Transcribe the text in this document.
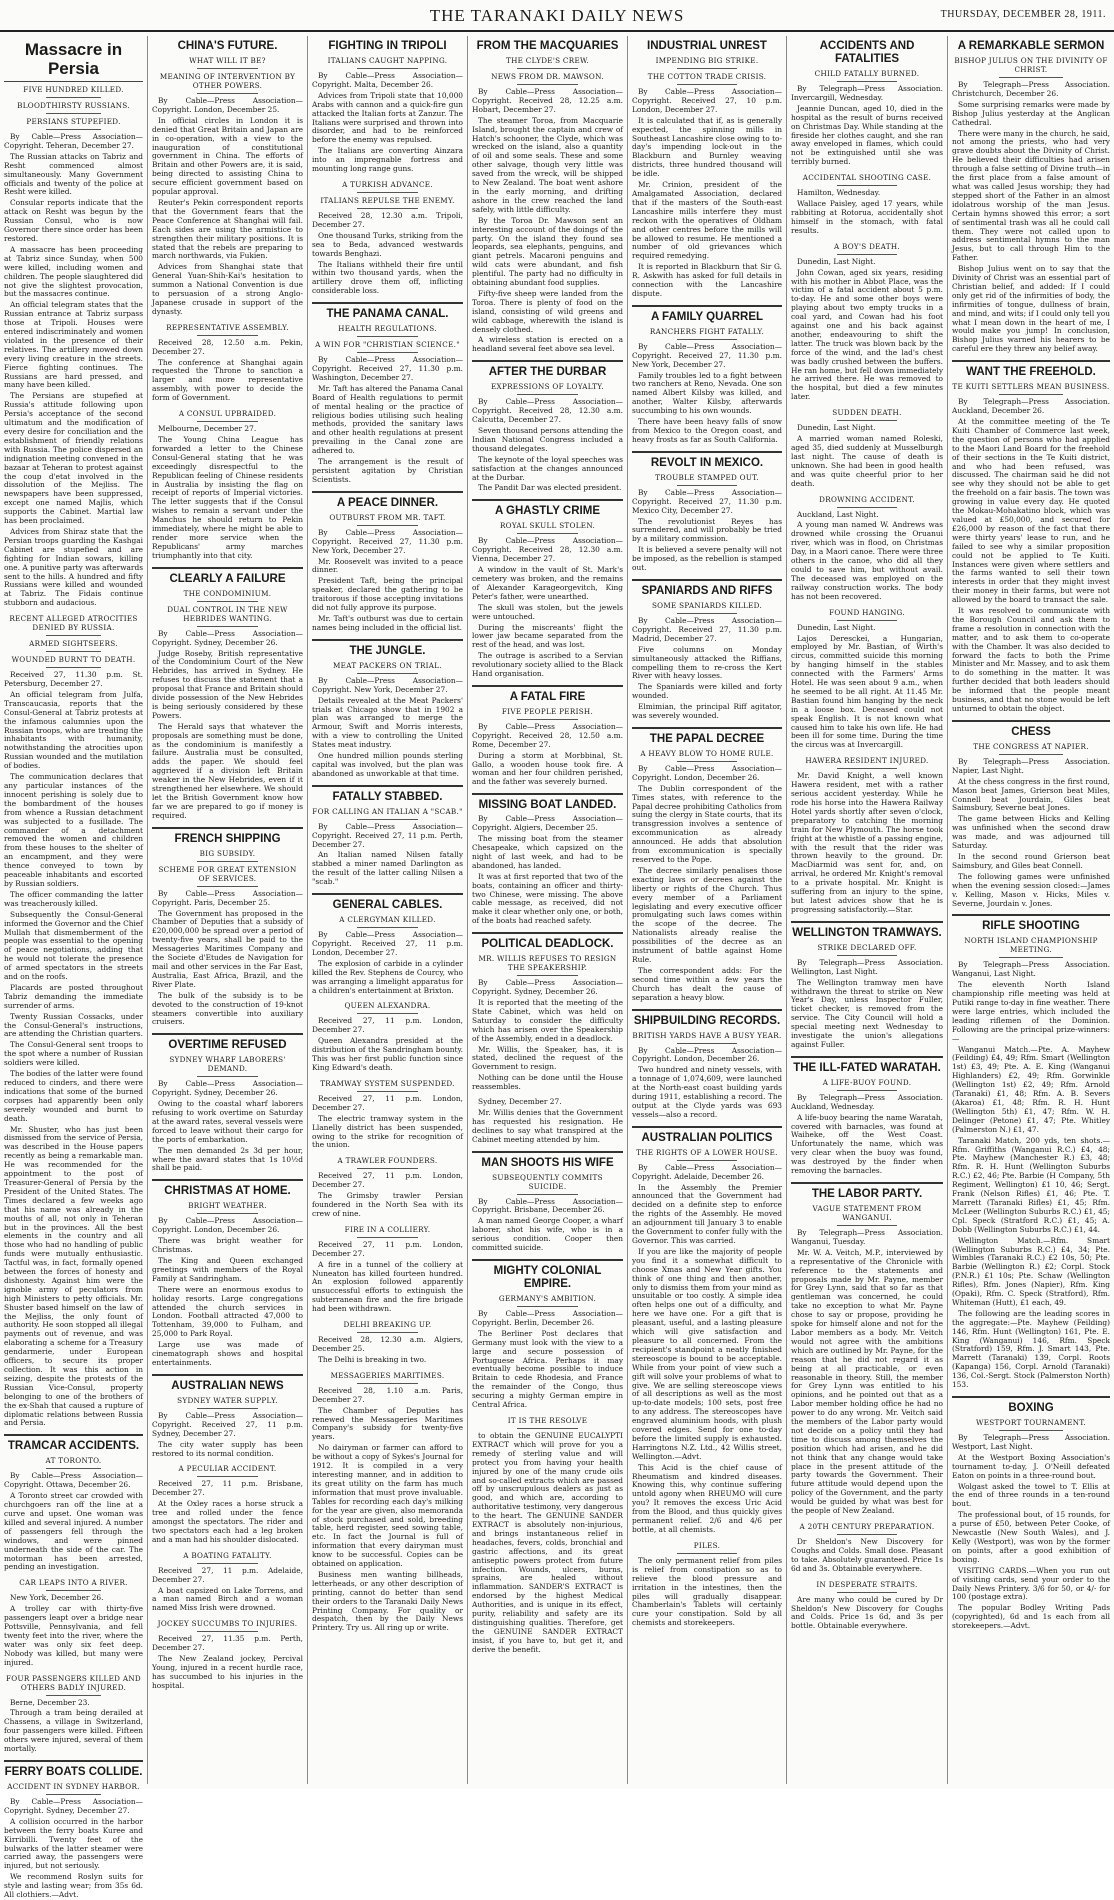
THE TARANAKI DAILY NEWS	THURSDAY, DECEMBER 28, 1911.
Massacre in Persia
FIVE HUNDRED KILLED.
BLOODTHIRSTY RUSSIANS.
PERSIANS STUPEFIED.

By Cable—Press Association—Copyright. Teheran, December 27.

The Russian attacks on Tabriz and Resht commenced almost simultaneously. Many Government officials and twenty of the police at Resht were killed.

Consular reports indicate that the attack on Resht was begun by the Russian Consul, who is now Governor there since order has been restored.

A massacre has been proceeding at Tabriz since Sunday, when 500 were killed, including women and children. The people slaughtered did not give the slightest provocation, but the massacres continue.

An official telegram states that the Russian entrance at Tabriz surpass those at Tripoli. Houses were entered indiscriminately and women violated in the presence of their relatives. The artillery mowed down every living creature in the streets. Fierce fighting continues. The Russians are hard pressed, and many have been killed.

The Persians are stupefied at Russia's attitude following upon Persia's acceptance of the second ultimatum and the modification of every desire for conciliation and the establishment of friendly relations with Russia. The police dispersed an indignation meeting convened in the bazaar at Teheran to protest against the coup d'etat involved in the dissolution of the Mejliss. The newspapers have been suppressed, except one named Majlis, which supports the Cabinet. Martial law has been proclaimed.

Advices from Shiraz state that the Persian troops guarding the Kashgai Cabinet are stupefied and are fighting for Indian sowars, killing one. A punitive party was afterwards sent to the hills. A hundred and fifty Russians were killed and wounded at Tabriz. The Fidais continue stubborn and audacious.

RECENT ALLEGED ATROCITIES DENIED BY RUSSIA.
ARMED SIGHTSEERS.
WOUNDED BURNT TO DEATH.

Received 27, 11.30 p.m. St. Petersburg, December 27.

An official telegram from Julfa, Transcaucasia, reports that the Consul-General at Tabriz protests at the infamous calumnies upon the Russian troops, who are treating the inhabitants with humanity, notwithstanding the atrocities upon Russian wounded and the mutilation of bodies.

The communication declares that any particular instances of the innocent perishing is solely due to the bombardment of the houses from whence a Russian detachment was subjected to a fusillade. The commander of a detachment removed the women and children from these houses to the shelter of an encampment, and they were thence conveyed to town by peaceable inhabitants and escorted by Russian soldiers.

The officer commanding the latter was treacherously killed.

Subsequently the Consul-General informed the Governor and the Chief Mullah that dismemberment of the people was essential to the opening of peace negotiations, adding that he would not tolerate the presence of armed spectators in the streets and on the roofs.

Placards are posted throughout Tabriz demanding the immediate surrender of arms.

Twenty Russian Cossacks, under the Consul-General's instructions, are attending the Christian quarters.

The Consul-General sent troops to the spot where a number of Russian soldiers were killed.

The bodies of the latter were found reduced to cinders, and there were indications that some of the burned corpses had apparently been only severely wounded and burnt to death.

Mr. Shuster, who has just been dismissed from the service of Persia, was described in the House papers recently as being a remarkable man. He was recommended for the appointment to the post of Treasurer-General of Persia by the President of the United States. The Times declared a few weeks ago that his name was already in the mouths of all, not only in Teheran but in the provinces. All the best elements in the country and all those who had no handling of public funds were mutually enthusiastic. Tactful was, in fact, formally opened between the forces of honesty and dishonesty. Against him were the ignoble army of peculators from high Ministers to petty officials. Mr. Shuster based himself on the law of the Mejliss, the only fount of authority. He soon stopped all illegal payments out of revenue, and was elaborating a scheme for a Treasury gendarmerie, under European officers, to secure its proper collection. It was this action in seizing, despite the protests of the Russian Vice-Consul, property belonging to one of the brothers of the ex-Shah that caused a rupture of diplomatic relations between Russia and Persia.

TRAMCAR ACCIDENTS.
AT TORONTO.

By Cable—Press Association—Copyright. Ottawa, December 26.

A Toronto street car crowded with churchgoers ran off the line at a curve and upset. One woman was killed and several injured. A number of passengers fell through the windows, and were pinned underneath the side of the car. The motorman has been arrested, pending an investigation.

CAR LEAPS INTO A RIVER.

New York, December 26.

A trolley car with thirty-five passengers leapt over a bridge near Pottsville, Pennsylvania, and fell twenty feet into the river, where the water was only six feet deep. Nobody was killed, but many were injured.

FOUR PASSENGERS KILLED AND OTHERS BADLY INJURED.

Berne, December 23.

Through a tram being derailed at Chassens, a village in Switzerland, four passengers were killed. Fifteen others were injured, several of them mortally.

FERRY BOATS COLLIDE.
ACCIDENT IN SYDNEY HARBOR.

By Cable—Press Association—Copyright. Sydney, December 27.

A collision occurred in the harbor between the ferry boats Kuree and Kirribilli. Twenty feet of the bulwarks of the latter steamer were carried away, the passengers were injured, but not seriously.

We recommend Roslyn suits for style and lasting wear; from 35s 6d. All clothiers.—Advt.

CHINA'S FUTURE.
WHAT WILL IT BE?
MEANING OF INTERVENTION BY OTHER POWERS.

By Cable—Press Association—Copyright. London, December 25.

In official circles in London it is denied that Great Britain and Japan are in co-operation, with a view to the inauguration of constitutional government in China. The efforts of Britain and other Powers are, it is said, being directed to assisting China to secure efficient government based on popular approval.

Reuter's Pekin correspondent reports that the Government fears that the Peace Conference at Shanghai will fail. Each sides are using the armistice to strengthen their military positions. It is stated that the rebels are preparing to march northwards, via Fukien.

Advices from Shanghai state that General Yuan-Shih-Kai's hesitation to summon a National Convention is due to persuasion of a strong Anglo-Japanese crusade in support of the dynasty.

REPRESENTATIVE ASSEMBLY.

Received 28, 12.50 a.m. Pekin, December 27.

The conference at Shanghai again requested the Throne to sanction a larger and more representative assembly, with power to decide the form of Government.

A CONSUL UPBRAIDED.

Melbourne, December 27.

The Young China League has forwarded a letter to the Chinese Consul-General stating that he was exceedingly disrespectful to the Republican feeling of Chinese residents in Australia by insisting the flag on receipt of reports of Imperial victories. The letter suggests that if the Consul wishes to remain a servant under the Manchus he should return to Pekin immediately, where he might be able to render more service when the Republicans' army marches triumphantly into that city.

CLEARLY A FAILURE
THE CONDOMINIUM.
DUAL CONTROL IN THE NEW HEBRIDES WANTING.

By Cable—Press Association—Copyright. Sydney, December 26.

Judge Roseby, British representative of the Condominium Court of the New Hebrides, has arrived in Sydney. He refuses to discuss the statement that a proposal that France and Britain should divide possession of the New Hebrides is being seriously considered by these Powers.

The Herald says that whatever the proposals are something must be done, as the condominium is manifestly a failure. Australia must be consulted, adds the paper. We should feel aggrieved if a division left Britain weaker in the New Hebrides, even if it strengthened her elsewhere. We should let the British Government know how far we are prepared to go if money is required.

FRENCH SHIPPING
BIG SUBSIDY.
SCHEME FOR GREAT EXTENSION OF SERVICES.

By Cable—Press Association—Copyright. Paris, December 25.

The Government has proposed in the Chamber of Deputies that a subsidy of £20,000,000 be spread over a period of twenty-five years, shall be paid to the Messageries Maritimes Company and the Societe d'Etudes de Navigation for mail and other services in the Far East, Australia, East Africa, Brazil, and the River Plate.

The bulk of the subsidy is to be devoted to the construction of 19-knot steamers convertible into auxiliary cruisers.

OVERTIME REFUSED
SYDNEY WHARF LABORERS' DEMAND.

By Cable—Press Association—Copyright. Sydney, December 26.

Owing to the coastal wharf laborers refusing to work overtime on Saturday at the award rates, several vessels were forced to leave without their cargo for the ports of embarkation.

The men demanded 2s 3d per hour, where the award states that 1s 10½d shall be paid.

CHRISTMAS AT HOME.
BRIGHT WEATHER.

By Cable—Press Association—Copyright. London, December 26.

There was bright weather for Christmas.

The King and Queen exchanged greetings with members of the Royal Family at Sandringham.

There were an enormous exodus to holiday resorts. Large congregations attended the church services in London. Football attracted 47,000 to Tottenham, 39,000 to Fulham, and 25,000 to Park Royal.

Large use was made of cinematograph shows and hospital entertainments.

AUSTRALIAN NEWS
SYDNEY WATER SUPPLY.

By Cable—Press Association—Copyright. Received 27, 11 p.m. Sydney, December 27.

The city water supply has been restored to its normal condition.

A PECULIAR ACCIDENT.

Received 27, 11 p.m. Brisbane, December 27.

At the Oxley races a horse struck a tree and rolled under the fence amongst the spectators. The rider and two spectators each had a leg broken and a man had his shoulder dislocated.

A BOATING FATALITY.

Received 27, 11 p.m. Adelaide, December 27.

A boat capsized on Lake Torrens, and a man named Birch and a woman named Miss Irish were drowned.

JOCKEY SUCCUMBS TO INJURIES.

Received 27, 11.35 p.m. Perth, December 27.

The New Zealand jockey, Percival Young, injured in a recent hurdle race, has succumbed to his injuries in the hospital.

FIGHTING IN TRIPOLI
ITALIANS CAUGHT NAPPING.

By Cable—Press Association—Copyright. Malta, December 26.

Advices from Tripoli state that 10,000 Arabs with cannon and a quick-fire gun attacked the Italian forts at Zanzur. The Italians were surprised and thrown into disorder, and had to be reinforced before the enemy was repulsed.

The Italians are converting Ainzara into an impregnable fortress and mounting long range guns.

A TURKISH ADVANCE.
ITALIANS REPULSE THE ENEMY.

Received 28, 12.30 a.m. Tripoli, December 27.

One thousand Turks, striking from the sea to Beda, advanced westwards towards Benghazi.

The Italians withheld their fire until within two thousand yards, when the artillery drove them off, inflicting considerable loss.

THE PANAMA CANAL.
HEALTH REGULATIONS.
A WIN FOR "CHRISTIAN SCIENCE."

By Cable—Press Association—Copyright. Received 27, 11.30 p.m. Washington, December 27.

Mr. Taft has altered the Panama Canal Board of Health regulations to permit of mental healing or the practice of religious bodies utilising such healing methods, provided the sanitary laws and other health regulations at present prevailing in the Canal zone are adhered to.

The arrangement is the result of persistent agitation by Christian Scientists.

A PEACE DINNER.
OUTBURST FROM MR. TAFT.

By Cable—Press Association—Copyright. Received 27, 11.30 p.m. New York, December 27.

Mr. Roosevelt was invited to a peace dinner.

President Taft, being the principal speaker, declared the gathering to be traitorous if those accepting invitations did not fully approve its purpose.

Mr. Taft's outburst was due to certain names being included in the official list.

THE JUNGLE.
MEAT PACKERS ON TRIAL.

By Cable—Press Association—Copyright. New York, December 27.

Details revealed at the Meat Packers' trials at Chicago show that in 1902 a plan was arranged to merge the Armour, Swift and Morris interests, with a view to controlling the United States meat industry.

One hundred million pounds sterling capital was involved, but the plan was abandoned as unworkable at that time.

FATALLY STABBED.
FOR CALLING AN ITALIAN A "SCAB."

By Cable—Press Association—Copyright. Received 27, 11 p.m. Perth, December 27.

An Italian named Nilsen fatally stabbed a miner named Darlington as the result of the latter calling Nilsen a "scab."

GENERAL CABLES.
A CLERGYMAN KILLED.

By Cable—Press Association—Copyright. Received 27, 11 p.m. London, December 27.

The explosion of carbide in a cylinder killed the Rev. Stephens de Courcy, who was arranging a limelight apparatus for a children's entertainment at Brixton.

QUEEN ALEXANDRA.

Received 27, 11 p.m. London, December 27.

Queen Alexandra presided at the distribution of the Sandringham bounty. This was her first public function since King Edward's death.

TRAMWAY SYSTEM SUSPENDED.

Received 27, 11 p.m. London, December 27.

The electric tramway system in the Llanelly district has been suspended, owing to the strike for recognition of the union.

A TRAWLER FOUNDERS.

Received 27, 11 p.m. London, December 27.

The Grimsby trawler Persian foundered in the North Sea with its crew of nine.

FIRE IN A COLLIERY.

Received 27, 11 p.m. London, December 27.

A fire in a tunnel of the colliery at Nuneaton has killed fourteen hundred. An explosion followed apparently unsuccessful efforts to extinguish the subterranean fire and the fire brigade had been withdrawn.

DELHI BREAKING UP.

Received 28, 12.30 a.m. Algiers, December 25.

The Delhi is breaking in two.

MESSAGERIES MARITIMES.

Received 28, 1.10 a.m. Paris, December 27.

The Chamber of Deputies has renewed the Messageries Maritimes Company's subsidy for twenty-five years.

No dairyman or farmer can afford to be without a copy of Sykes's Journal for 1912. It is compiled in a very interesting manner, and in addition to its great utility on the farm has much information that must prove invaluable. Tables for recording each day's milking for the year are given, also memoranda of stock purchased and sold, breeding table, herd register, seed sowing table, etc. In fact the Journal is full of information that every dairyman must know to be successful. Copies can be obtained on application.

Business men wanting billheads, letterheads, or any other description of printing, cannot do better than send their orders to the Taranaki Daily News Printing Company. For quality or despatch, then by the Daily News Printery. Try us. All ring up or write.

FROM THE MACQUARIES
THE CLYDE'S CREW.
NEWS FROM DR. MAWSON.

By Cable—Press Association—Copyright. Received 28, 12.25 a.m. Hobart, December 27.

The steamer Toroa, from Macquarie Island, brought the captain and crew of Hatch's schooner, the Clyde, which was wrecked on the island, also a quantity of oil and some seals. These and some other salvage, though very little was saved from the wreck, will be shipped to New Zealand. The boat went ashore in the early morning, and drifting ashore in the crew reached the land safely, with little difficulty.

By the Toroa Dr. Mawson sent an interesting account of the doings of the party. On the island they found sea leopards, sea elephants, penguins, and giant petrels. Macaroni penguins and wild cats were abundant, and fish plentiful. The party had no difficulty in obtaining abundant food supplies.

Fifty-five sheep were landed from the Toroa. There is plenty of food on the island, consisting of wild greens and wild cabbage, wherewith the island is densely clothed.

A wireless station is erected on a headland several feet above sea level.

AFTER THE DURBAR
EXPRESSIONS OF LOYALTY.

By Cable—Press Association—Copyright. Received 28, 12.30 a.m. Calcutta, December 27.

Seven thousand persons attending the Indian National Congress included a thousand delegates.

The keynote of the loyal speeches was satisfaction at the changes announced at the Durbar.

The Pandit Dar was elected president.

A GHASTLY CRIME
ROYAL SKULL STOLEN.

By Cable—Press Association—Copyright. Received 28, 12.30 a.m. Vienna, December 27.

A window in the vault of St. Mark's cemetery was broken, and the remains of Alexander Karageorgevitch, King Peter's father, were unearthed.

The skull was stolen, but the jewels were untouched.

During the miscreants' flight the lower jaw became separated from the rest of the head, and was lost.

The outrage is ascribed to a Servian revolutionary society allied to the Black Hand organisation.

A FATAL FIRE
FIVE PEOPLE PERISH.

By Cable—Press Association—Copyright. Received 28, 12.50 a.m. Rome, December 27.

During a storm at Morbbinal, St. Gallo, a wooden house took fire. A woman and her four children perished, and the father was severely burned.

MISSING BOAT LANDED.

By Cable—Press Association—Copyright. Algiers, December 25.

The missing boat from the steamer Chesapeake, which capsized on the night of last week, and had to be abandoned, has landed.

It was at first reported that two of the boats, containing an officer and thirty-two Chinese, were missing. The above cable message, as received, did not make it clear whether only one, or both, of the boats had reached safety.

POLITICAL DEADLOCK.
MR. WILLIS REFUSES TO RESIGN THE SPEAKERSHIP.

By Cable—Press Association—Copyright. Sydney, December 26.

It is reported that the meeting of the State Cabinet, which was held on Saturday to consider the difficulty which has arisen over the Speakership of the Assembly, ended in a deadlock.

Mr. Willis, the Speaker, has, it is stated, declined the request of the Government to resign.

Nothing can be done until the House reassembles.

Sydney, December 27.

Mr. Willis denies that the Government has requested his resignation. He declines to say what transpired at the Cabinet meeting attended by him.

MAN SHOOTS HIS WIFE
SUBSEQUENTLY COMMITS SUICIDE.

By Cable—Press Association—Copyright. Brisbane, December 26.

A man named George Cooper, a wharf laborer, shot his wife, who is in a serious condition. Cooper then committed suicide.

MIGHTY COLONIAL EMPIRE.
GERMANY'S AMBITION.

By Cable—Press Association—Copyright. Berlin, December 26.

The Berliner Post declares that Germany must look with the view to a large and secure possession of Portuguese Africa. Perhaps it may eventually become possible to induce Britain to cede Rhodesia, and France the remainder of the Congo, thus securing a mighty German empire in Central Africa.

IT IS THE RESOLVE

to obtain the GENUINE EUCALYPTI EXTRACT which will prove for you a remedy of sterling value and will protect you from having your health injured by one of the many crude oils and so-called extracts which are passed off by unscrupulous dealers as just as good, and which are, according to authoritative testimony, very dangerous to the heart. The GENUINE SANDER EXTRACT is absolutely non-injurious, and brings instantaneous relief in headaches, fevers, colds, bronchial and gastric affections, and its great antiseptic powers protect from future infection. Wounds, ulcers, burns, sprains, are healed without inflammation. SANDER'S EXTRACT is endorsed by the highest Medical Authorities, and is unique in its effect, purity, reliability and safety are its distinguishing qualities. Therefore, get the GENUINE SANDER EXTRACT insist, if you have to, but get it, and derive the benefit.

INDUSTRIAL UNREST
IMPENDING BIG STRIKE.
THE COTTON TRADE CRISIS.

By Cable—Press Association—Copyright. Received 27, 10 p.m. London, December 27.

It is calculated that if, as is generally expected, the spinning mills in Southeast Lancashire close owing to to-day's impending lock-out in the Blackburn and Burnley weaving districts, three hundred thousand will be idle.

Mr. Crinion, president of the Amalgamated Association, declared that if the masters of the South-east Lancashire mills interfere they must reckon with the operatives of Oldham and other centres before the mills will be allowed to resume. He mentioned a number of old grievances which required remedying.

It is reported in Blackburn that Sir G. R. Askwith has asked for full details in connection with the Lancashire dispute.

A FAMILY QUARREL
RANCHERS FIGHT FATALLY.

By Cable—Press Association—Copyright. Received 27, 11.30 p.m. New York, December 27.

Family troubles led to a fight between two ranchers at Reno, Nevada. One son named Albert Kilsby was killed, and another, Walter Kilsby, afterwards succumbing to his own wounds.

There have been heavy falls of snow from Mexico to the Oregon coast, and heavy frosts as far as South California.

REVOLT IN MEXICO.
TROUBLE STAMPED OUT.

By Cable—Press Association—Copyright. Received 27, 11.30 p.m. Mexico City, December 27.

The revolutionist Reyes has surrendered, and will probably be tried by a military commission.

It is believed a severe penalty will not be imposed, as the rebellion is stamped out.

SPANIARDS AND RIFFS
SOME SPANIARDS KILLED.

By Cable—Press Association—Copyright. Received 27, 11.30 p.m. Madrid, December 27.

Five columns on Monday simultaneously attacked the Riffians, compelling them to re-cross the Kert River with heavy losses.

The Spaniards were killed and forty wounded.

Elmimian, the principal Riff agitator, was severely wounded.

THE PAPAL DECREE
A HEAVY BLOW TO HOME RULE.

By Cable—Press Association—Copyright. London, December 26.

The Dublin correspondent of the Times states, with reference to the Papal decree prohibiting Catholics from suing the clergy in State courts, that its transgression involves a sentence of excommunication as already announced. He adds that absolution from excommunication is specially reserved to the Pope.

The decree similarly penalises those exacting laws or decrees against the liberty or rights of the Church. Thus every member of a Parliament legislating and every executive officer promulgating such laws comes within the scope of the decree. The Nationalists already realise the possibilities of the decree as an instrument of battle against Home Rule.

The correspondent adds: For the second time within a few years the Church has dealt the cause of separation a heavy blow.

SHIPBUILDING RECORDS.
BRITISH YARDS HAVE A BUSY YEAR.

By Cable—Press Association—Copyright. London, December 26.

Two hundred and ninety vessels, with a tonnage of 1,074,609, were launched at the North-east coast building yards during 1911, establishing a record. The output at the Clyde yards was 693 vessels—also a record.

AUSTRALIAN POLITICS
THE RIGHTS OF A LOWER HOUSE.

By Cable—Press Association—Copyright. Adelaide, December 26.

In the Assembly the Premier announced that the Government had decided on a definite step to enforce the rights of the Assembly. He moved an adjournment till January 3 to enable the Government to confer fully with the Governor. This was carried.

If you are like the majority of people you find it a somewhat difficult to choose Xmas and New Year gifts. You think of one thing and then another, only to dismiss them from your mind as unsuitable or too costly. A simple idea often helps one out of a difficulty, and here we have one. For a gift that is pleasant, useful, and a lasting pleasure which will give satisfaction and pleasure to all concerned. From the recipient's standpoint a neatly finished stereoscope is bound to be acceptable. While from your point of view such a gift will solve your problems of what to give. We are selling stereoscope views of all descriptions as well as the most up-to-date models; 100 sets, post free to any address. The stereoscopes have engraved aluminium hoods, with plush covered edges. Send for one to-day before the limited supply is exhausted. Harringtons N.Z. Ltd., 42 Willis street, Wellington.—Advt.

This Acid is the chief cause of Rheumatism and kindred diseases. Knowing this, why continue suffering untold agony when RHEUMO will cure you? It removes the excess Uric Acid from the Blood, and thus quickly gives permanent relief. 2/6 and 4/6 per bottle, at all chemists.

PILES.

The only permanent relief from piles is relief from constipation so as to relieve the blood pressure and irritation in the intestines, then the piles will gradually disappear. Chamberlain's Tablets will certainly cure your constipation. Sold by all chemists and storekeepers.

ACCIDENTS AND FATALITIES
CHILD FATALLY BURNED.

By Telegraph—Press Association. Invercargill, Wednesday.

Jeannie Duncan, aged 10, died in the hospital as the result of burns received on Christmas Day. While standing at the fireside her clothes caught, and she ran away enveloped in flames, which could not be extinguished until she was terribly burned.

ACCIDENTAL SHOOTING CASE.

Hamilton, Wednesday.

Wallace Paisley, aged 17 years, while rabbiting at Rotorua, accidentally shot himself in the stomach, with fatal results.

A BOY'S DEATH.

Dunedin, Last Night.

John Cowan, aged six years, residing with his mother in Abbot Place, was the victim of a fatal accident about 5 p.m. to-day. He and some other boys were playing about two empty trucks in a coal yard, and Cowan had his foot against one and his back against another, endeavouring to shift the latter. The truck was blown back by the force of the wind, and the lad's chest was badly crushed between the buffers. He ran home, but fell down immediately he arrived there. He was removed to the hospital, but died a few minutes later.

SUDDEN DEATH.

Dunedin, Last Night.

A married woman named Roleski, aged 35, died suddenly at Musselburgh last night. The cause of death is unknown. She had been in good health and was quite cheerful prior to her death.

DROWNING ACCIDENT.

Auckland, Last Night.

A young man named W. Andrews was drowned while crossing the Oruanui river, which was in flood, on Christmas Day, in a Maori canoe. There were three others in the canoe, who did all they could to save him, but without avail. The deceased was employed on the railway construction works. The body has not been recovered.

FOUND HANGING.

Dunedin, Last Night.

Lajos Deresckei, a Hungarian, employed by Mr. Bastian, of Wirth's circus, committed suicide this morning by hanging himself in the stables connected with the Farmers' Arms Hotel. He was seen about 9 a.m., when he seemed to be all right. At 11.45 Mr. Bastian found him hanging by the neck in a loose box. Deceased could not speak English. It is not known what caused him to take his own life. He had been ill for some time. During the time the circus was at Invercargill.

HAWERA RESIDENT INJURED.

Mr. David Knight, a well known Hawera resident, met with a rather serious accident yesterday. While he rode his horse into the Hawera Railway Hotel yards shortly after seven o'clock, preparatory to catching the morning train for New Plymouth. The horse took fright at the whistle of a passing engine, with the result that the rider was thrown heavily to the ground. Dr. MacDiarmid was sent for, and, on arrival, he ordered Mr. Knight's removal to a private hospital. Mr. Knight is suffering from an injury to the spine, but latest advices show that he is progressing satisfactorily.—Star.

WELLINGTON TRAMWAYS.
STRIKE DECLARED OFF.

By Telegraph—Press Association. Wellington, Last Night.

The Wellington tramway men have withdrawn the threat to strike on New Year's Day, unless Inspector Fuller, ticket checker, is removed from the service. The City Council will hold a special meeting next Wednesday to investigate the union's allegations against Fuller.

THE ILL-FATED WARATAH.
A LIFE-BUOY FOUND.

By Telegraph—Press Association. Auckland, Wednesday.

A life-buoy bearing the name Waratah, covered with barnacles, was found at Waiheke, off the West Coast. Unfortunately the name, which was very clear when the buoy was found, was destroyed by the finder when removing the barnacles.

THE LABOR PARTY.
VAGUE STATEMENT FROM WANGANUI.

By Telegraph—Press Association. Wanganui, Tuesday.

Mr. W. A. Veitch, M.P., interviewed by a representative of the Chronicle with reference to the statements and proposals made by Mr. Payne, member for Grey Lynn, said that so far as that gentleman was concerned, he could take no exception to what Mr. Payne chose to say or propose, providing he spoke for himself alone and not for the Labor members as a body. Mr. Veitch would not agree with the ambitions which are outlined by Mr. Payne, for the reason that he did not regard it as being at all practicable, or even reasonable in theory. Still, the member for Grey Lynn was entitled to his opinions, and he pointed out that as a Labor member holding office he had no power to do any wrong. Mr. Veitch said the members of the Labor party would not decide on a policy until they had time to discuss among themselves the position which had arisen, and he did not think that any change would take place in the present attitude of the party towards the Government. Their future attitude would depend upon the policy of the Government, and the party would be guided by what was best for the people of New Zealand.

A 20TH CENTURY PREPARATION.

Dr Sheldon's New Discovery for Coughs and Colds. Small dose. Pleasant to take. Absolutely guaranteed. Price 1s 6d and 3s. Obtainable everywhere.

IN DESPERATE STRAITS.

Are many who could be cured by Dr Sheldon's New Discovery for Coughs and Colds. Price 1s 6d, and 3s per bottle. Obtainable everywhere.

A REMARKABLE SERMON
BISHOP JULIUS ON THE DIVINITY OF CHRIST.

By Telegraph—Press Association. Christchurch, December 26.

Some surprising remarks were made by Bishop Julius yesterday at the Anglican Cathedral.

There were many in the church, he said, not among the priests, who had very grave doubts about the Divinity of Christ. He believed their difficulties had arisen through a false setting of Divine truth—in the first place from a false amount of what was called Jesus worship; they had stepped short of the Father in an almost idolatrous worship of the man Jesus. Certain hymns showed this error; a sort of sentimental trash was all he could call them. They were not called upon to address sentimental hymns to the man Jesus, but to call through Him to the Father.

Bishop Julius went on to say that the Divinity of Christ was an essential part of Christian belief, and added: If I could only get rid of the infirmities of body, the infirmities of tongue, dullness of brain, and mind, and wits; if I could only tell you what I mean down in the heart of me, I would make you jump! In conclusion, Bishop Julius warned his hearers to be careful ere they threw any belief away.

WANT THE FREEHOLD.
TE KUITI SETTLERS MEAN BUSINESS.

By Telegraph—Press Association. Auckland, December 26.

At the committee meeting of the Te Kuiti Chamber of Commerce last week, the question of persons who had applied to the Maori Land Board for the freehold of their sections in the Te Kuiti district, and who had been refused, was discussed. The chairman said he did not see why they should not be able to get the freehold on a fair basis. The town was growing in value every day. He quoted the Mokau-Mohakatino block, which was valued at £50,000, and secured for £26,000 by reason of the fact that there were thirty years' lease to run, and he failed to see why a similar proposition could not be applied to Te Kuiti. Instances were given where settlers and the farms wanted to sell their town interests in order that they might invest their money in their farms, but were not allowed by the board to transact the sale.

It was resolved to communicate with the Borough Council and ask them to frame a resolution in connection with the matter, and to ask them to co-operate with the Chamber. It was also decided to forward the facts to both the Prime Minister and Mr. Massey, and to ask them to do something in the matter. It was further decided that both leaders should be informed that the people meant business, and that no stone would be left unturned to obtain the object.

CHESS
THE CONGRESS AT NAPIER.

By Telegraph—Press Association. Napier, Last Night.

At the chess congress in the first round, Mason beat James, Grierson beat Miles, Connell beat Jourdain, Giles beat Saimsbury, Severne beat Jones.

The game between Hicks and Kelling was unfinished when the second draw was made, and was adjourned till Saturday.

In the second round Grierson beat Saimsbury, and Giles beat Connell.

The following games were unfinished when the evening session closed:—James v. Kelling, Mason v. Hicks, Miles v. Severne, Jourdain v. Jones.

RIFLE SHOOTING
NORTH ISLAND CHAMPIONSHIP MEETING.

By Telegraph—Press Association. Wanganui, Last Night.

The eleventh North Island championship rifle meeting was held at Putiki range to-day in fine weather. There were large entries, which included the leading riflemen of the Dominion. Following are the principal prize-winners:—

Wanganui Match.—Pte. A. Mayhew (Feilding) £4, 49; Rfm. Smart (Wellington 1st) £3, 49; Pte. A. E. King (Wanganui Highlanders) £2, 49; Rfm. Gorwinkle (Wellington 1st) £2, 49; Rfm. Arnold (Taranaki) £1, 48; Rfm. A. B. Severs (Akaroa) £1, 48; Rfm. R. H. Hunt (Wellington 5th) £1, 47; Rfm. W. H. Delinger (Petone) £1, 47; Pte. Whitley (Palmerston N.) £1, 47.

Taranaki Match, 200 yds, ten shots.—Rfm. Griffiths (Wanganui R.C.) £4, 48; Pte. Mayhew (Manchester R.) £3, 48; Rfm. R. H. Hunt (Wellington Suburbs R.C.) £2, 46; Pte. Barbie (H Company, 5th Regiment, Wellington) £1 10, 46; Sergt. Frank (Nelson Rifles) £1, 46; Pte. T. Marrett (Taranaki Rifles) £1, 45; Rfm. McLeer (Wellington Suburbs R.C.) £1, 45; Cpl. Speck (Stratford R.C.) £1, 45; A. Dobb (Wellington Suburbs R.C.) £1, 44.

Wellington Match.—Rfm. Smart (Wellington Suburbs R.C.) £4, 34; Pte. Wimbles (Taranaki R.C.) £2 10s, 50; Pte. Barbie (Wellington R.) £2; Corpl. Stock (P.N.R.) £1 10s; Pte. Schaw (Wellington Rifles), Rfm. Jones (Napier), Rfm. King (Opaki), Rfm. C. Speck (Stratford), Rfm. Whiteman (Hutt), £1 each, 49.

The following are the leading scores in the aggregate:—Pte. Mayhew (Feilding) 146, Rfm. Hunt (Wellington) 161, Pte. E. King (Wanganui) 146, Rfm. Speck (Stratford) 159, Rfm. J. Smart 143, Pte. Marrett (Taranaki) 139, Corpl. Roots (Kapanga) 156, Corpl. Arnold (Taranaki) 136, Col.-Sergt. Stock (Palmerston North) 153.

BOXING
WESTPORT TOURNAMENT.

By Telegraph—Press Association. Westport, Last Night.

At the Westport Boxing Association's tournament to-day, J. O'Neill defeated Eaton on points in a three-round bout.

Wolgast asked the towel to T. Ellis at the end of three rounds in a ten-round bout.

The professional bout, of 15 rounds, for a purse of £50, between Peter Cooke, of Newcastle (New South Wales), and J. Kelly (Westport), was won by the former on points, after a good exhibition of boxing.

VISITING CARDS.—When you run out of visiting cards, send your order to the Daily News Printery. 3/6 for 50, or 4/- for 100 (postage extra).

The popular Bodley Writing Pads (copyrighted), 6d and 1s each from all storekeepers.—Advt.
